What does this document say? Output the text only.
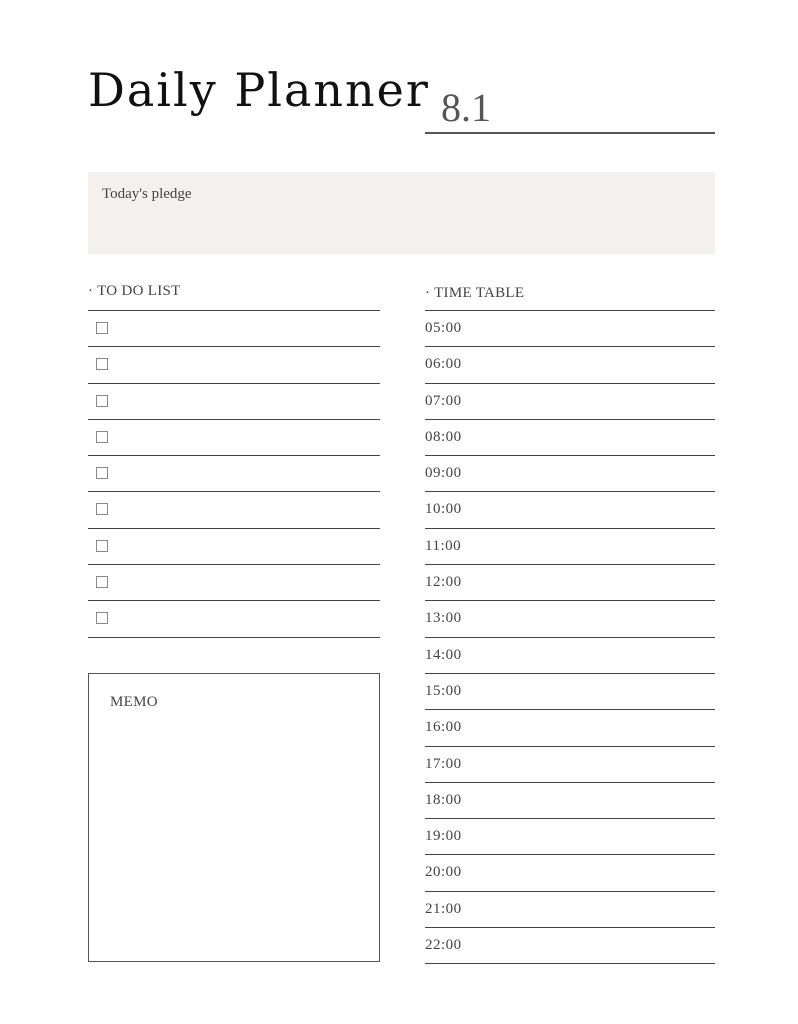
Daily Planner 8.1
Today's pledge
· TO DO LIST
MEMO
· TIME TABLE
05:00
06:00
07:00
08:00
09:00
10:00
11:00
12:00
13:00
14:00
15:00
16:00
17:00
18:00
19:00
20:00
21:00
22:00
